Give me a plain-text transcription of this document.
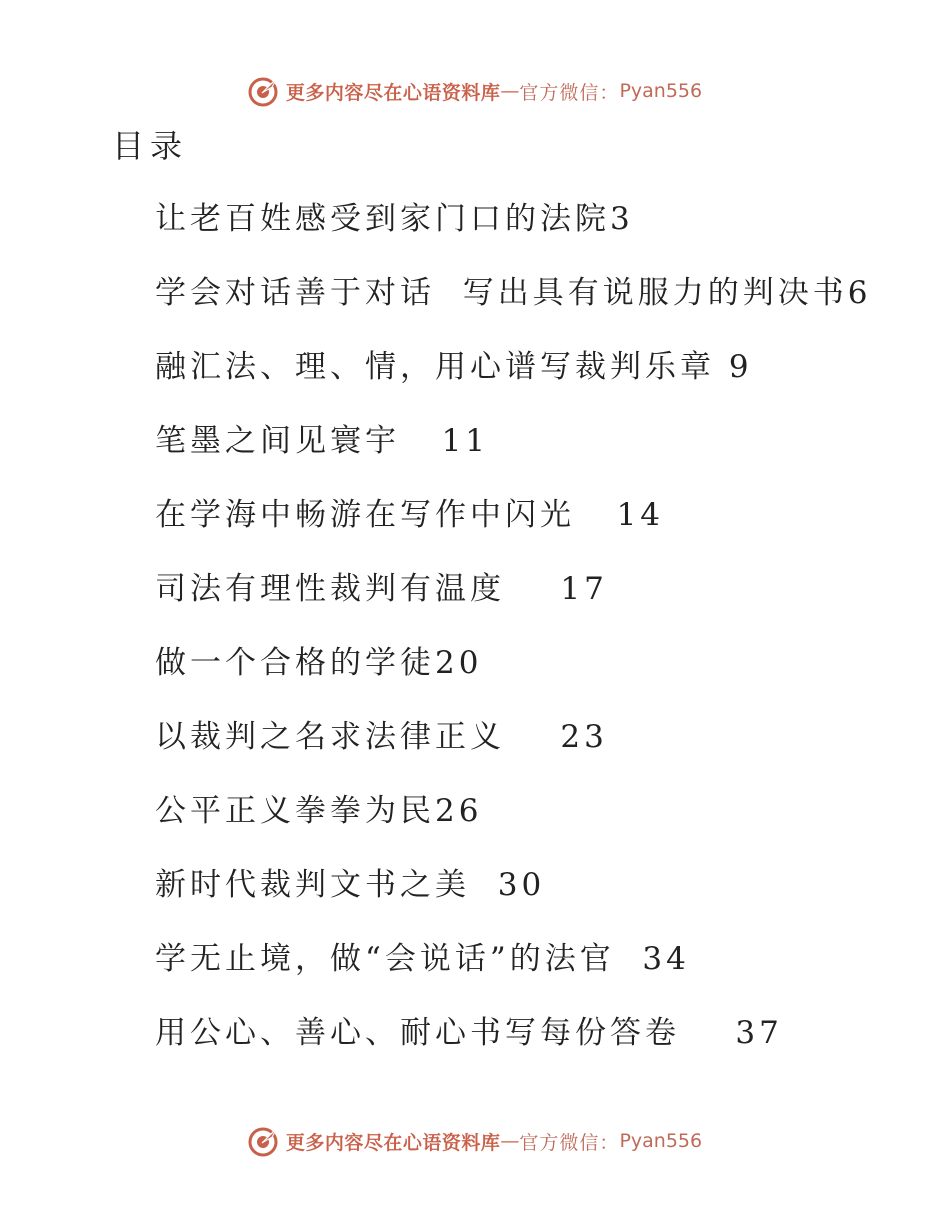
更多内容尽在心语资料库 — 官方微信： Pyan556
目录
让老百姓感受到家门口的法院3
学会对话善于对话  写出具有说服力的判决书6
融汇法、理、情，用心谱写裁判乐章 9
笔墨之间见寰宇 11
在学海中畅游在写作中闪光 14
司法有理性裁判有温度 17
做一个合格的学徒20
以裁判之名求法律正义 23
公平正义拳拳为民26
新时代裁判文书之美 30
学无止境，做“会说话”的法官 34
用公心、善心、耐心书写每份答卷 37
更多内容尽在心语资料库 — 官方微信： Pyan556
